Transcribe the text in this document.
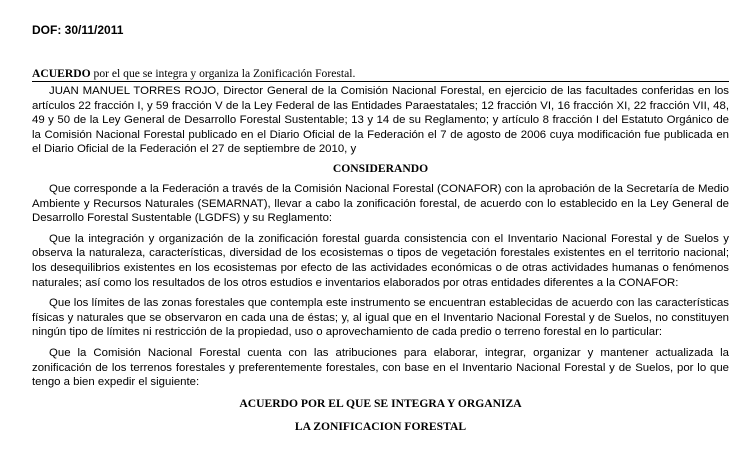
DOF: 30/11/2011

ACUERDO por el que se integra y organiza la Zonificación Forestal.

JUAN MANUEL TORRES ROJO, Director General de la Comisión Nacional Forestal, en ejercicio de las facultades conferidas en los artículos 22 fracción I, y 59 fracción V de la Ley Federal de las Entidades Paraestatales; 12 fracción VI, 16 fracción XI, 22 fracción VII, 48, 49 y 50 de la Ley General de Desarrollo Forestal Sustentable; 13 y 14 de su Reglamento; y artículo 8 fracción I del Estatuto Orgánico de la Comisión Nacional Forestal publicado en el Diario Oficial de la Federación el 7 de agosto de 2006 cuya modificación fue publicada en el Diario Oficial de la Federación el 27 de septiembre de 2010, y

CONSIDERANDO

Que corresponde a la Federación a través de la Comisión Nacional Forestal (CONAFOR) con la aprobación de la Secretaría de Medio Ambiente y Recursos Naturales (SEMARNAT), llevar a cabo la zonificación forestal, de acuerdo con lo establecido en la Ley General de Desarrollo Forestal Sustentable (LGDFS) y su Reglamento:

Que la integración y organización de la zonificación forestal guarda consistencia con el Inventario Nacional Forestal y de Suelos y observa la naturaleza, características, diversidad de los ecosistemas o tipos de vegetación forestales existentes en el territorio nacional; los desequilibrios existentes en los ecosistemas por efecto de las actividades económicas o de otras actividades humanas o fenómenos naturales; así como los resultados de los otros estudios e inventarios elaborados por otras entidades diferentes a la CONAFOR:

Que los límites de las zonas forestales que contempla este instrumento se encuentran establecidas de acuerdo con las características físicas y naturales que se observaron en cada una de éstas; y, al igual que en el Inventario Nacional Forestal y de Suelos, no constituyen ningún tipo de límites ni restricción de la propiedad, uso o aprovechamiento de cada predio o terreno forestal en lo particular:

Que la Comisión Nacional Forestal cuenta con las atribuciones para elaborar, integrar, organizar y mantener actualizada la zonificación de los terrenos forestales y preferentemente forestales, con base en el Inventario Nacional Forestal y de Suelos, por lo que tengo a bien expedir el siguiente:

ACUERDO POR EL QUE SE INTEGRA Y ORGANIZA

LA ZONIFICACION FORESTAL
